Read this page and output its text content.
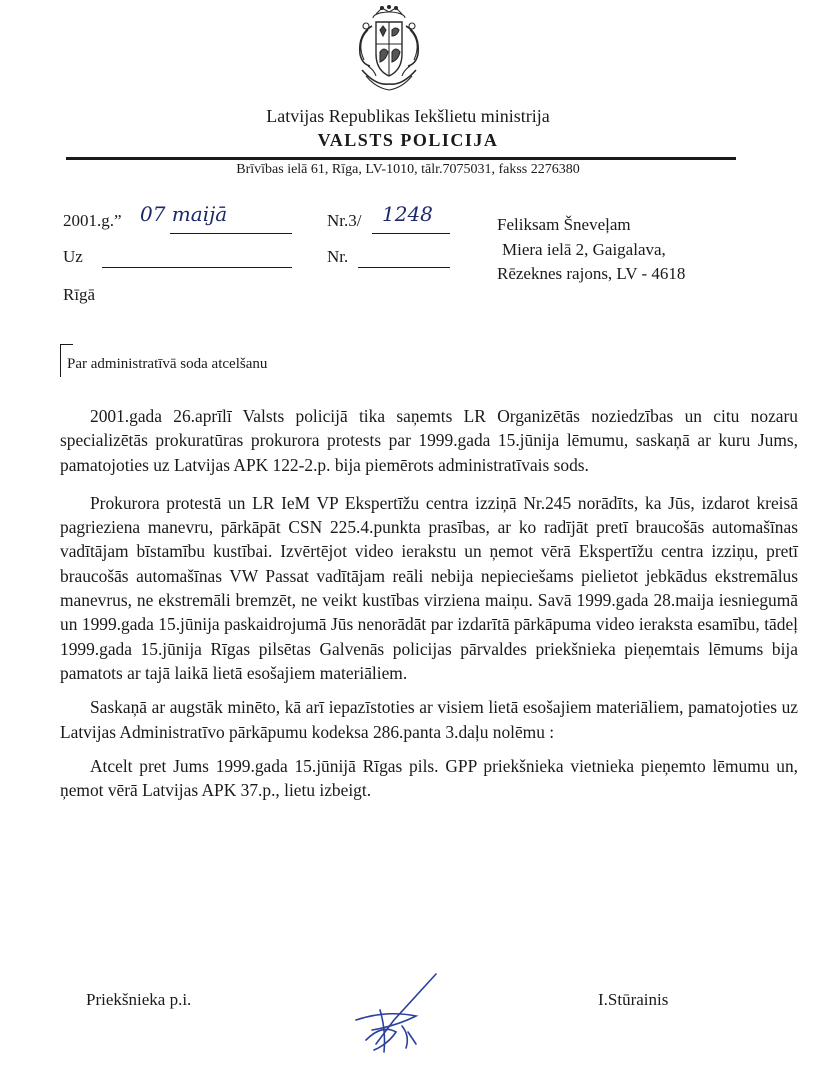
Latvijas Republikas Iekšlietu ministrija
VALSTS POLICIJA
Brīvības ielā 61, Rīga, LV-1010, tālr.7075031, fakss 2276380
2001.g.” 07 maijā	Nr.3/ 1248
Uz	Nr.
Rīgā
Feliksam Šneveļam
Miera ielā 2, Gaigalava,
Rēzeknes rajons, LV - 4618
Par administratīvā soda atcelšanu

2001.gada 26.aprīlī Valsts policijā tika saņemts LR Organizētās noziedzības un citu nozaru specializētās prokuratūras prokurora protests par 1999.gada 15.jūnija lēmumu, saskaņā ar kuru Jums, pamatojoties uz Latvijas APK 122-2.p. bija piemērots administratīvais sods.

Prokurora protestā un LR IeM VP Ekspertīžu centra izziņā Nr.245 norādīts, ka Jūs, izdarot kreisā pagrieziena manevru, pārkāpāt CSN 225.4.punkta prasības, ar ko radījāt pretī braucošās automašīnas vadītājam bīstamību kustībai. Izvērtējot video ierakstu un ņemot vērā Ekspertīžu centra izziņu, pretī braucošās automašīnas VW Passat vadītājam reāli nebija nepieciešams pielietot jebkādus ekstremālus manevrus, ne ekstremāli bremzēt, ne veikt kustības virziena maiņu. Savā 1999.gada 28.maija iesniegumā un 1999.gada 15.jūnija paskaidrojumā Jūs nenorādāt par izdarītā pārkāpuma video ieraksta esamību, tādeļ 1999.gada 15.jūnija Rīgas pilsētas Galvenās policijas pārvaldes priekšnieka pieņemtais lēmums bija pamatots ar tajā laikā lietā esošajiem materiāliem.

Saskaņā ar augstāk minēto, kā arī iepazīstoties ar visiem lietā esošajiem materiāliem, pamatojoties uz Latvijas Administratīvo pārkāpumu kodeksa 286.panta 3.daļu nolēmu :

Atcelt pret Jums 1999.gada 15.jūnijā Rīgas pils. GPP priekšnieka vietnieka pieņemto lēmumu un, ņemot vērā Latvijas APK 37.p., lietu izbeigt.

Priekšnieka p.i.	I.Stūrainis
